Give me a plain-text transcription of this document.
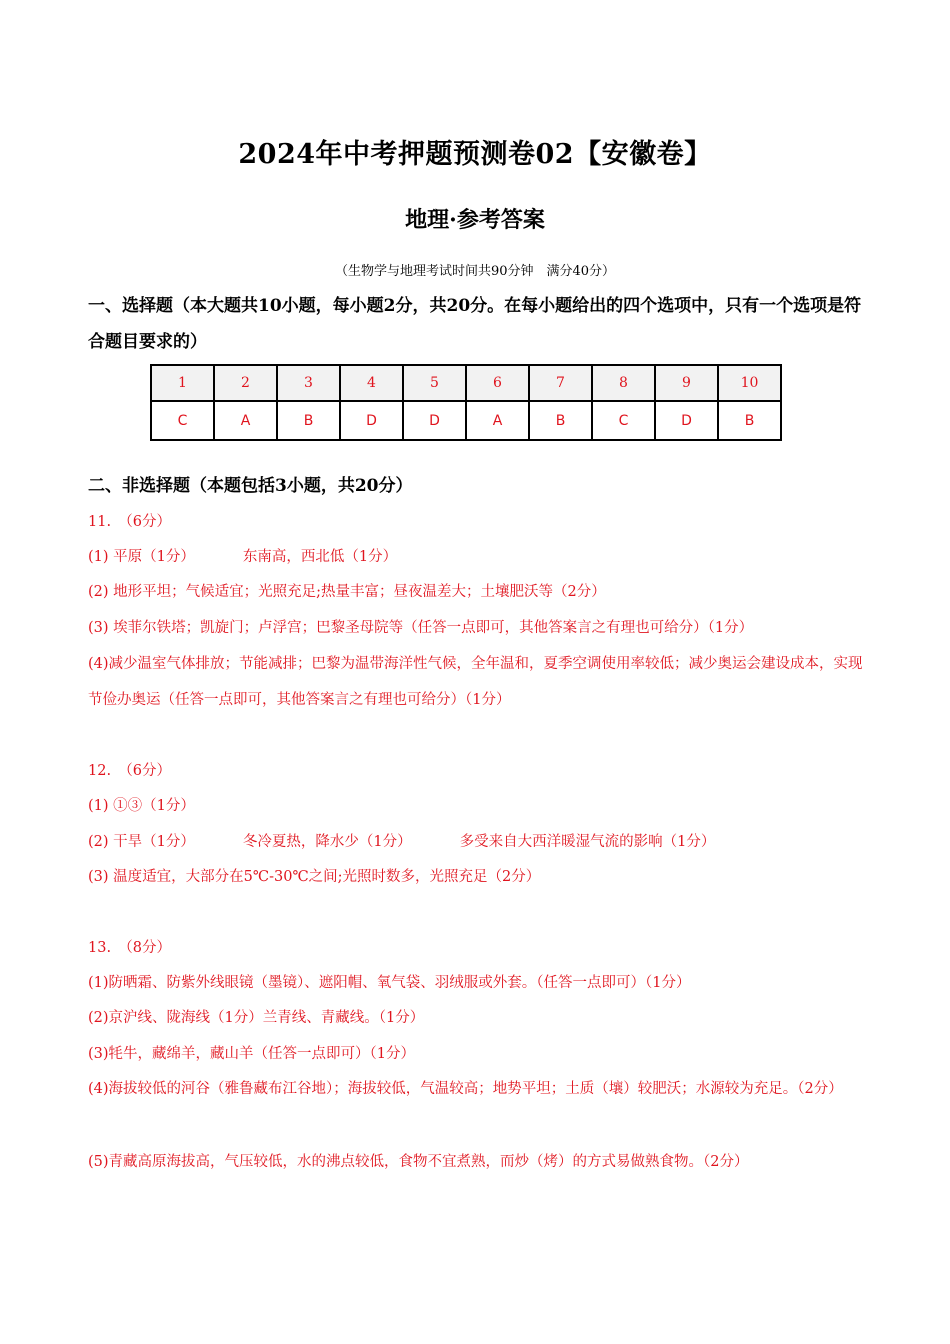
2024年中考押题预测卷02【安徽卷】
地理·参考答案
（生物学与地理考试时间共90分钟　满分40分）
一、选择题（本大题共10小题，每小题2分，共20分。在每小题给出的四个选项中，只有一个选项是符合题目要求的）
1	2	3	4	5	6	7	8	9	10
C	A	B	D	D	A	B	C	D	B
二、非选择题（本题包括3小题，共20分）
11.　（6分）
(1) 平原（1分）	东南高，西北低（1分）
(2) 地形平坦；气候适宜；光照充足;热量丰富；昼夜温差大；土壤肥沃等（2分）
(3) 埃菲尔铁塔；凯旋门；卢浮宫；巴黎圣母院等（任答一点即可，其他答案言之有理也可给分）（1分）
(4)减少温室气体排放；节能减排；巴黎为温带海洋性气候，全年温和，夏季空调使用率较低；减少奥运会建设成本，实现节俭办奥运（任答一点即可，其他答案言之有理也可给分）（1分）
12.　（6分）
(1) ①③（1分）
(2) 干旱（1分）	冬冷夏热，降水少（1分）	多受来自大西洋暖湿气流的影响（1分）
(3) 温度适宜，大部分在5℃-30℃之间;光照时数多，光照充足（2分）
13.　（8分）
(1)防晒霜、防紫外线眼镜（墨镜）、遮阳帽、氧气袋、羽绒服或外套。（任答一点即可）（1分）
(2)京沪线、陇海线（1分）兰青线、青藏线。（1分）
(3)牦牛，藏绵羊，藏山羊（任答一点即可）（1分）
(4)海拔较低的河谷（雅鲁藏布江谷地）；海拔较低，气温较高；地势平坦；土质（壤）较肥沃；水源较为充足。（2分）
(5)青藏高原海拔高，气压较低，水的沸点较低，食物不宜煮熟，而炒（烤）的方式易做熟食物。（2分）
